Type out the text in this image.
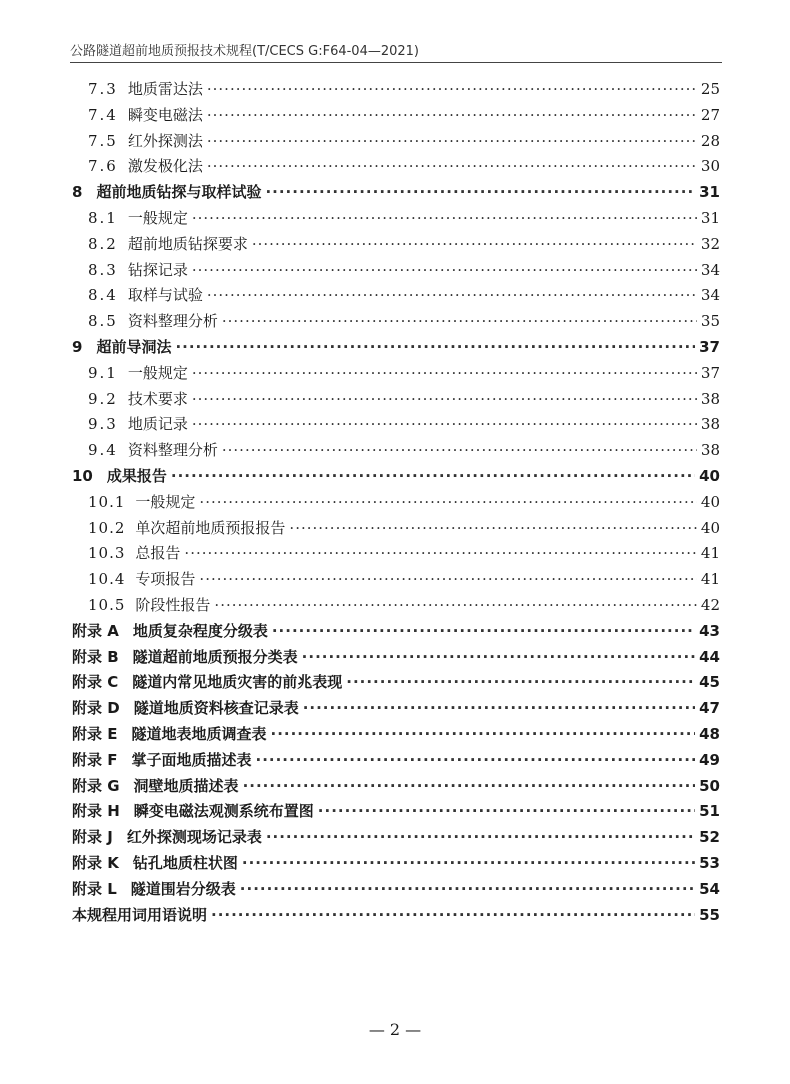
公路隧道超前地质预报技术规程(T/CECS G:F64-04—2021)
7.3 地质雷达法 ·····	25
7.4 瞬变电磁法 ·····	27
7.5 红外探测法 ·····	28
7.6 激发极化法 ·····	30
8 超前地质钻探与取样试验 ·····	31
8.1 一般规定 ·····	31
8.2 超前地质钻探要求 ·····	32
8.3 钻探记录 ·····	34
8.4 取样与试验 ·····	34
8.5 资料整理分析 ·····	35
9 超前导洞法 ·····	37
9.1 一般规定 ·····	37
9.2 技术要求 ·····	38
9.3 地质记录 ·····	38
9.4 资料整理分析 ·····	38
10 成果报告 ·····	40
10.1 一般规定 ·····	40
10.2 单次超前地质预报报告 ·····	40
10.3 总报告 ·····	41
10.4 专项报告 ·····	41
10.5 阶段性报告 ·····	42
附录 A 地质复杂程度分级表 ·····	43
附录 B 隧道超前地质预报分类表 ·····	44
附录 C 隧道内常见地质灾害的前兆表现 ·····	45
附录 D 隧道地质资料核查记录表 ·····	47
附录 E 隧道地表地质调查表 ·····	48
附录 F 掌子面地质描述表 ·····	49
附录 G 洞壁地质描述表 ·····	50
附录 H 瞬变电磁法观测系统布置图 ·····	51
附录 J 红外探测现场记录表 ·····	52
附录 K 钻孔地质柱状图 ·····	53
附录 L 隧道围岩分级表 ·····	54
本规程用词用语说明 ·····	55
— 2 —
